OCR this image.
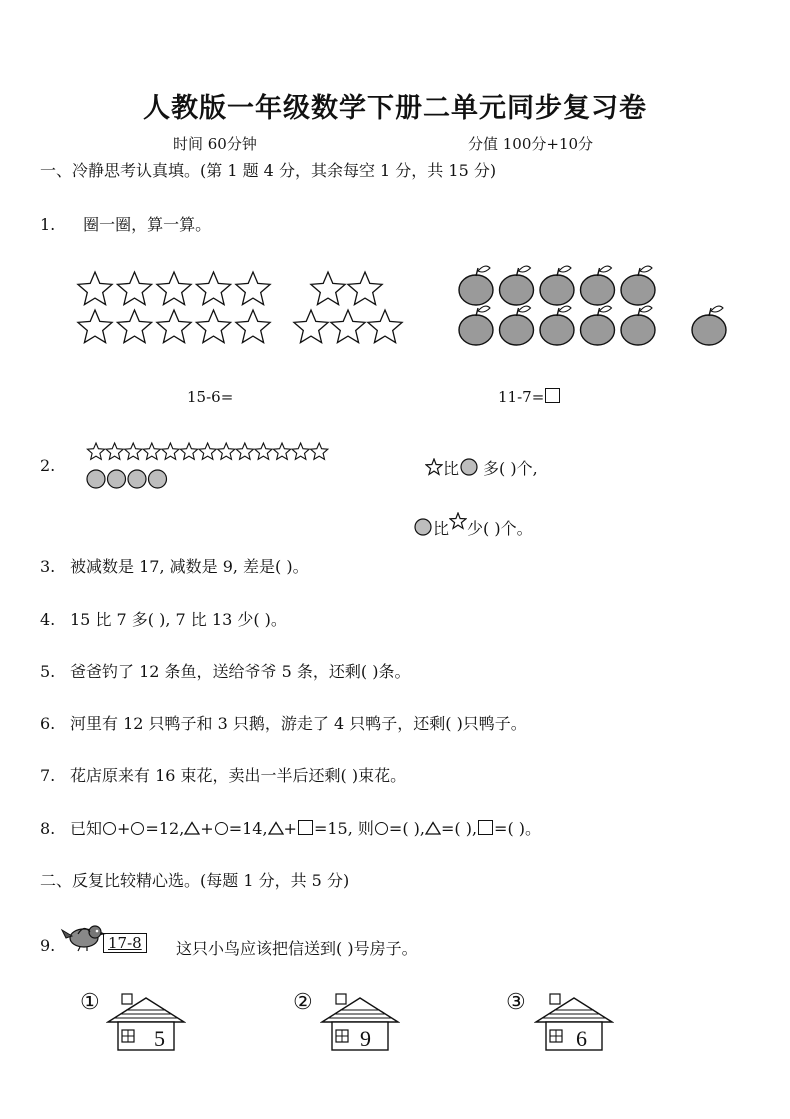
人教版一年级数学下册二单元同步复习卷
时间 60分钟	分值 100分+10分
一、冷静思考认真填。(第 1 题 4 分，其余每空 1 分，共 15 分)
1. 圈一圈，算一算。
15-6=	11-7=
2.	比 多( )个,
比 少( )个。
3. 被减数是 17, 减数是 9, 差是( )。
4. 15 比 7 多( ), 7 比 13 少( )。
5. 爸爸钓了 12 条鱼，送给爷爷 5 条，还剩( )条。
6. 河里有 12 只鸭子和 3 只鹅，游走了 4 只鸭子，还剩( )只鸭子。
7. 花店原来有 16 束花，卖出一半后还剩( )束花。
8. 已知 + =12, + =14, + =15, 则 =( ), =( ), =( )。
二、反复比较精心选。(每题 1 分，共 5 分)
9.	17-8	这只小鸟应该把信送到( )号房子。
①	②	③
5	9	6
